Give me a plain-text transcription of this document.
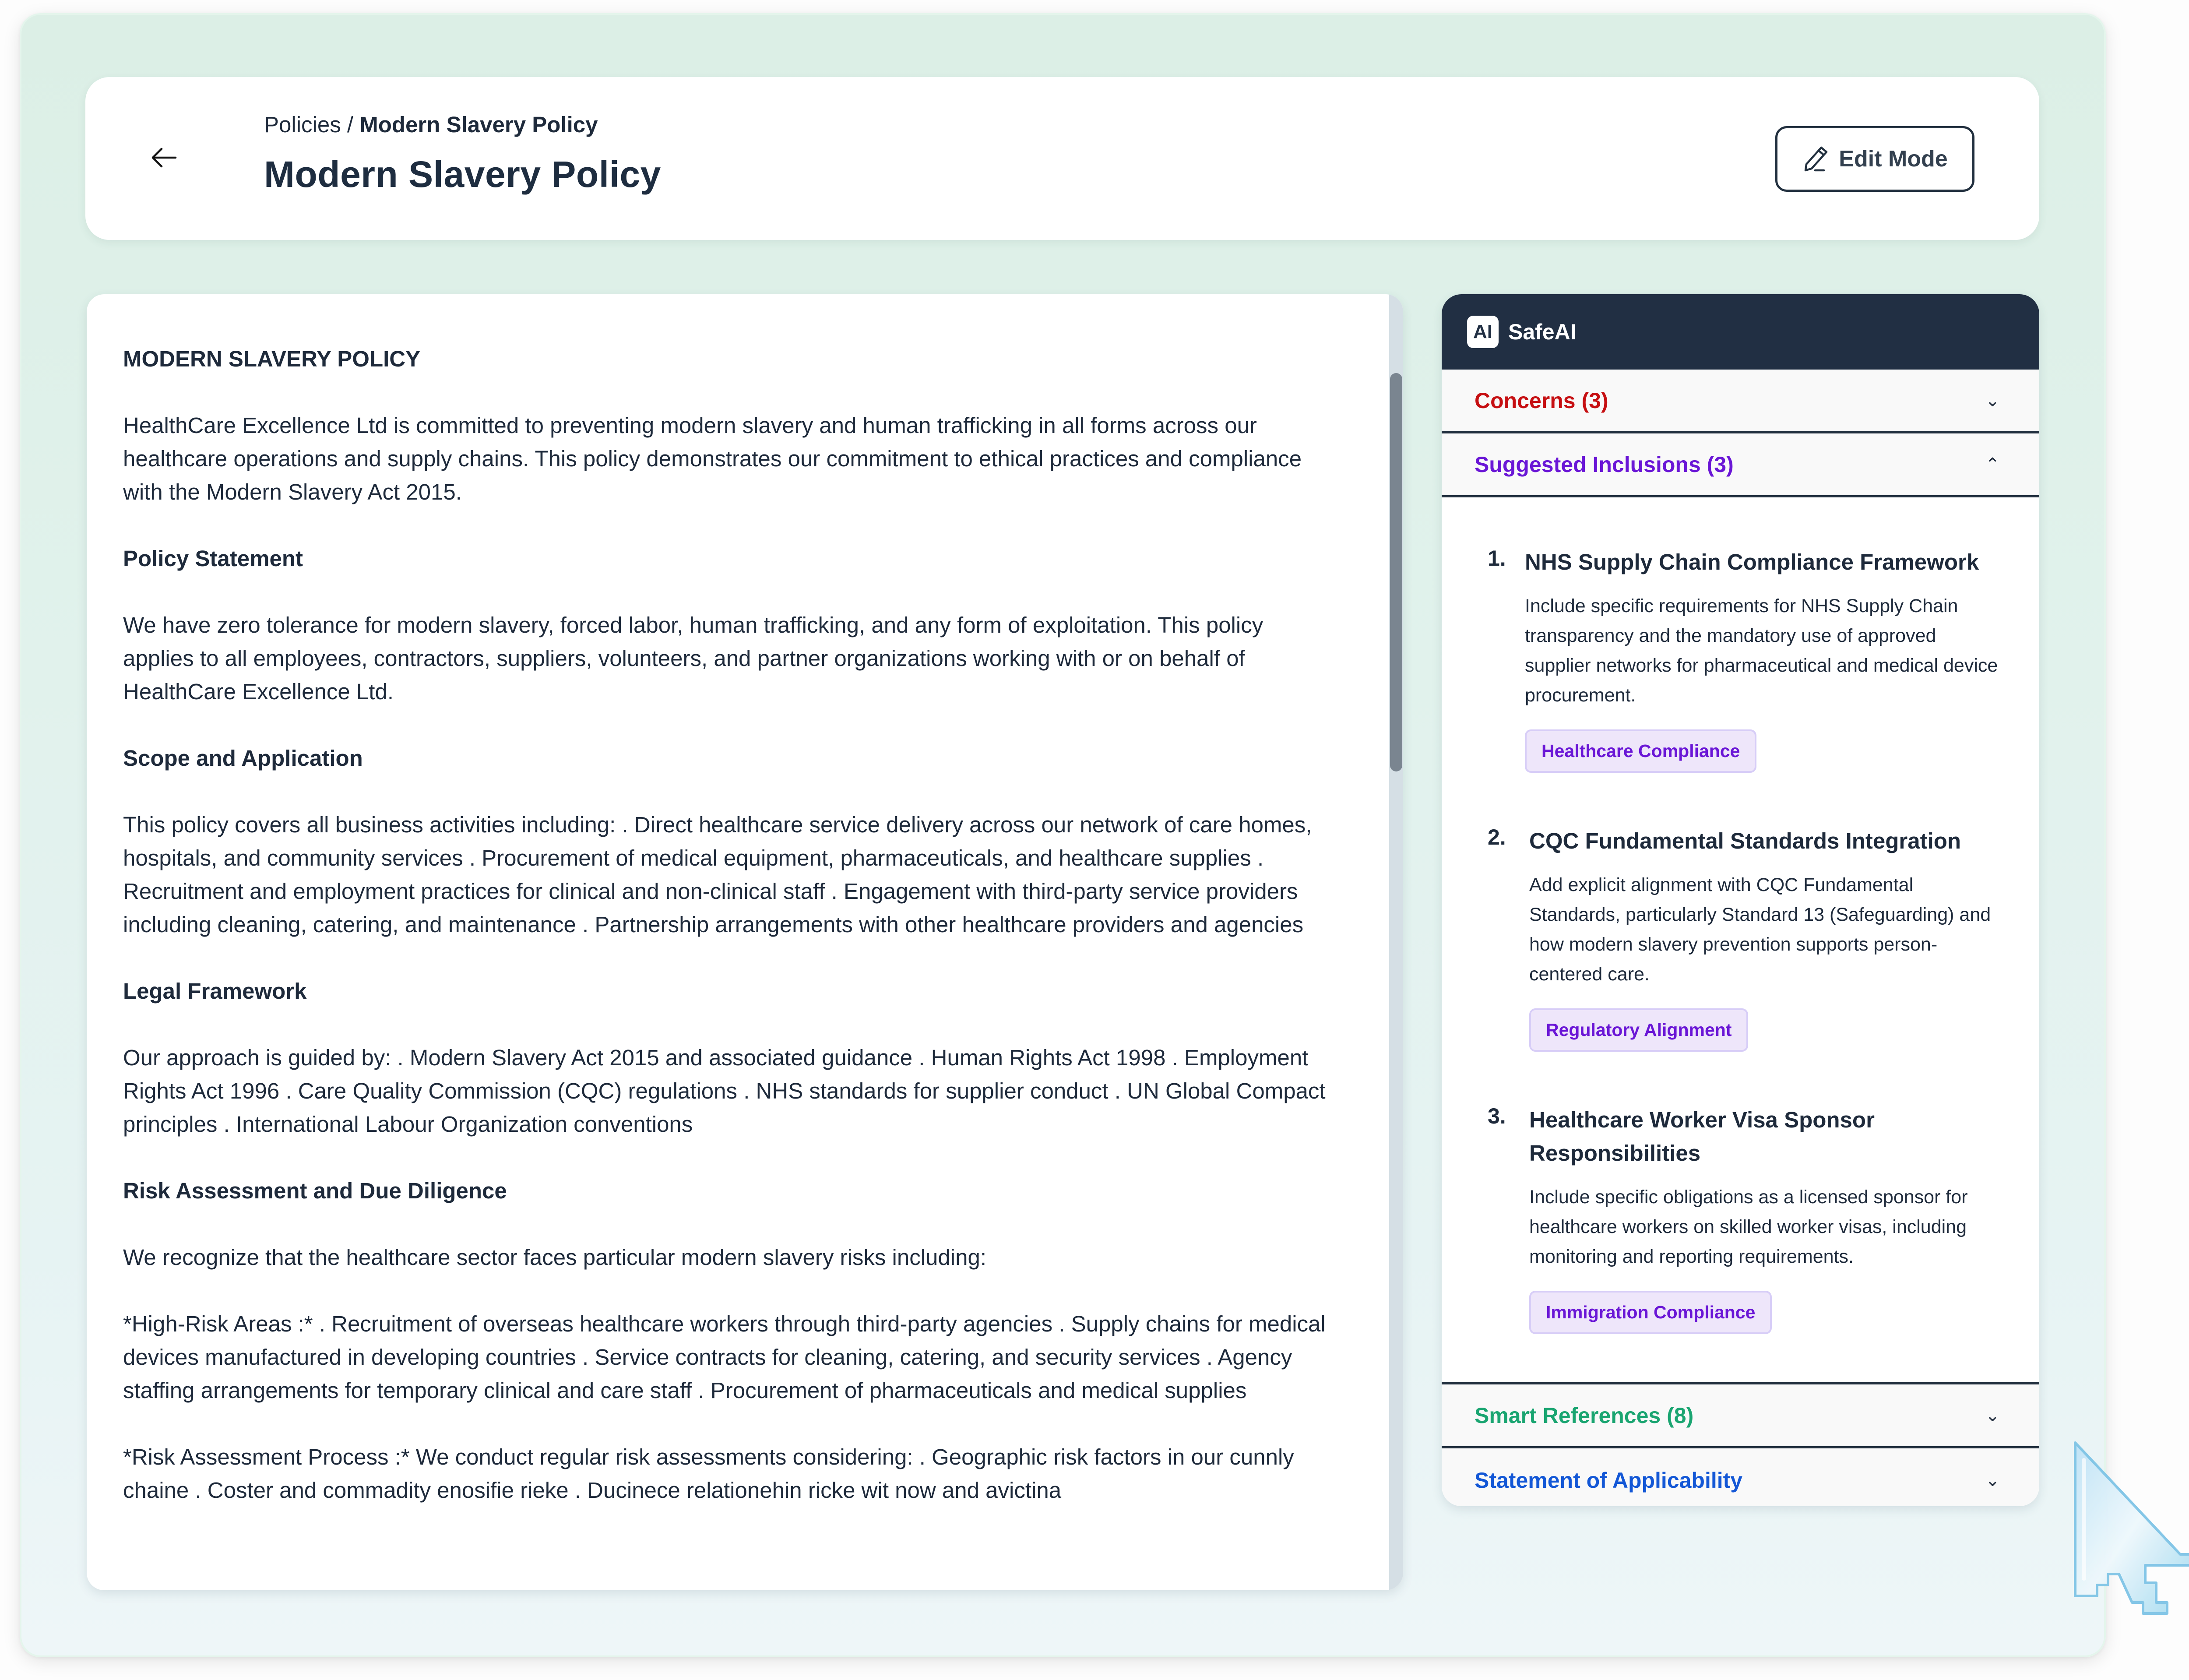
Policies / Modern Slavery Policy
Modern Slavery Policy	Edit Mode
MODERN SLAVERY POLICY
HealthCare Excellence Ltd is committed to preventing modern slavery and human trafficking in all forms across our healthcare operations and supply chains. This policy demonstrates our commitment to ethical practices and compliance with the Modern Slavery Act 2015.
Policy Statement
We have zero tolerance for modern slavery, forced labor, human trafficking, and any form of exploitation. This policy applies to all employees, contractors, suppliers, volunteers, and partner organizations working with or on behalf of HealthCare Excellence Ltd.
Scope and Application
This policy covers all business activities including: . Direct healthcare service delivery across our network of care homes, hospitals, and community services . Procurement of medical equipment, pharmaceuticals, and healthcare supplies . Recruitment and employment practices for clinical and non-clinical staff . Engagement with third-party service providers including cleaning, catering, and maintenance . Partnership arrangements with other healthcare providers and agencies
Legal Framework
Our approach is guided by: . Modern Slavery Act 2015 and associated guidance . Human Rights Act 1998 . Employment Rights Act 1996 . Care Quality Commission (CQC) regulations . NHS standards for supplier conduct . UN Global Compact principles . International Labour Organization conventions
Risk Assessment and Due Diligence
We recognize that the healthcare sector faces particular modern slavery risks including:
*High-Risk Areas :* . Recruitment of overseas healthcare workers through third-party agencies . Supply chains for medical devices manufactured in developing countries . Service contracts for cleaning, catering, and security services . Agency staffing arrangements for temporary clinical and care staff . Procurement of pharmaceuticals and medical supplies
*Risk Assessment Process :* We conduct regular risk assessments considering: . Geographic risk factors in our cunnly chaine . Coster and commadity enosifie rieke . Ducinece relationehin ricke wit now and avictina
AI SafeAI
Concerns (3)	⌄
Suggested Inclusions (3)	⌃
1. NHS Supply Chain Compliance Framework
Include specific requirements for NHS Supply Chain transparency and the mandatory use of approved supplier networks for pharmaceutical and medical device procurement.
Healthcare Compliance
2. CQC Fundamental Standards Integration
Add explicit alignment with CQC Fundamental Standards, particularly Standard 13 (Safeguarding) and how modern slavery prevention supports person-centered care.
Regulatory Alignment
3. Healthcare Worker Visa Sponsor Responsibilities
Include specific obligations as a licensed sponsor for healthcare workers on skilled worker visas, including monitoring and reporting requirements.
Immigration Compliance
Smart References (8)	⌄
Statement of Applicability	⌄
